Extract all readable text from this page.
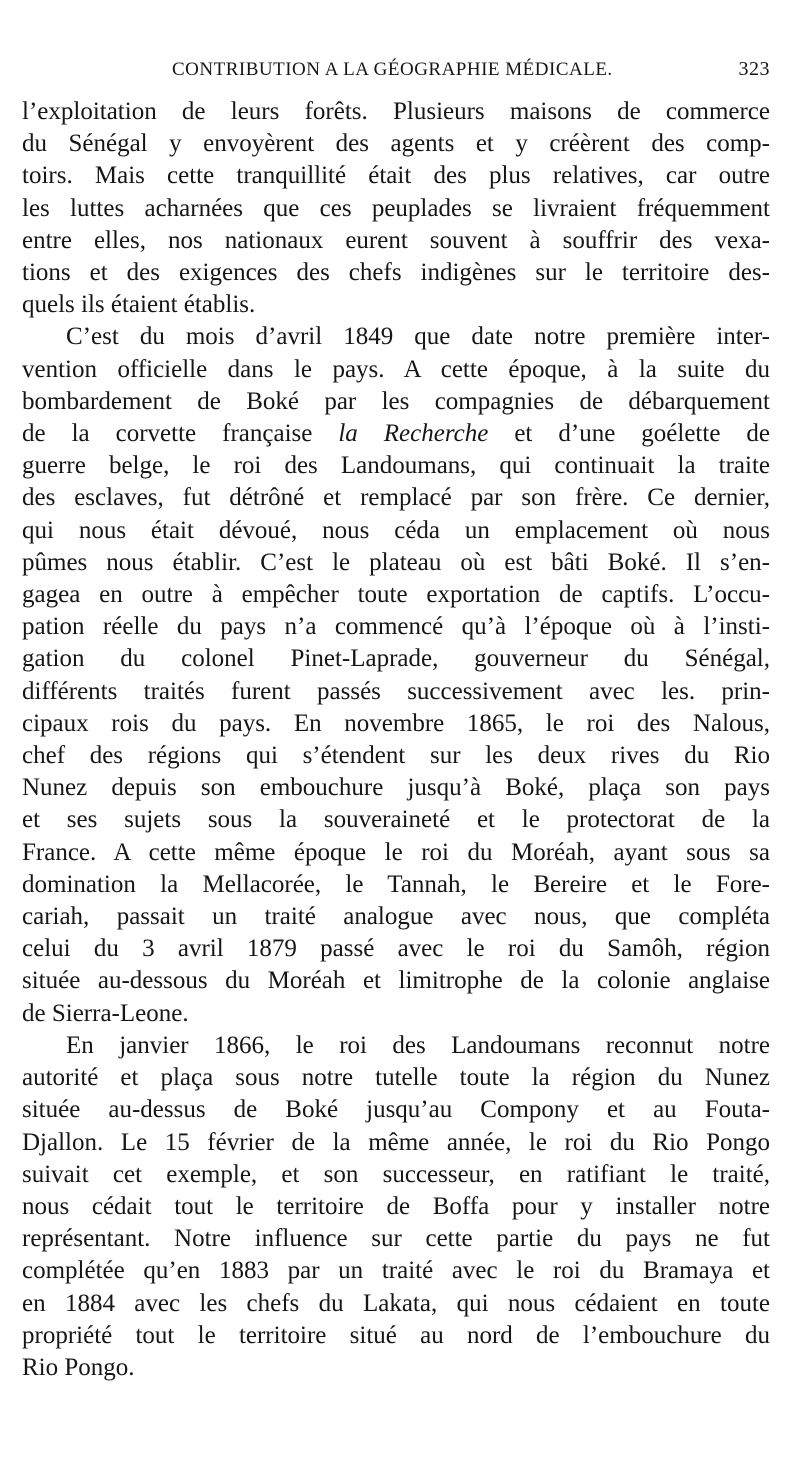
CONTRIBUTION A LA GÉOGRAPHIE MÉDICALE.	323

l’exploitation de leurs forêts. Plusieurs maisons de commerce
du Sénégal y envoyèrent des agents et y créèrent des comp-
toirs. Mais cette tranquillité était des plus relatives, car outre
les luttes acharnées que ces peuplades se livraient fréquemment
entre elles, nos nationaux eurent souvent à souffrir des vexa-
tions et des exigences des chefs indigènes sur le territoire des-
quels ils étaient établis.

C’est du mois d’avril 1849 que date notre première inter-
vention officielle dans le pays. A cette époque, à la suite du
bombardement de Boké par les compagnies de débarquement
de la corvette française la Recherche et d’une goélette de
guerre belge, le roi des Landoumans, qui continuait la traite
des esclaves, fut détrôné et remplacé par son frère. Ce dernier,
qui nous était dévoué, nous céda un emplacement où nous
pûmes nous établir. C’est le plateau où est bâti Boké. Il s’en-
gagea en outre à empêcher toute exportation de captifs. L’occu-
pation réelle du pays n’a commencé qu’à l’époque où à l’insti-
gation du colonel Pinet-Laprade, gouverneur du Sénégal,
différents traités furent passés successivement avec les. prin-
cipaux rois du pays. En novembre 1865, le roi des Nalous,
chef des régions qui s’étendent sur les deux rives du Rio
Nunez depuis son embouchure jusqu’à Boké, plaça son pays
et ses sujets sous la souveraineté et le protectorat de la
France. A cette même époque le roi du Moréah, ayant sous sa
domination la Mellacorée, le Tannah, le Bereire et le Fore-
cariah, passait un traité analogue avec nous, que compléta
celui du 3 avril 1879 passé avec le roi du Samôh, région
située au-dessous du Moréah et limitrophe de la colonie anglaise
de Sierra-Leone.

En janvier 1866, le roi des Landoumans reconnut notre
autorité et plaça sous notre tutelle toute la région du Nunez
située au-dessus de Boké jusqu’au Compony et au Fouta-
Djallon. Le 15 février de la même année, le roi du Rio Pongo
suivait cet exemple, et son successeur, en ratifiant le traité,
nous cédait tout le territoire de Boffa pour y installer notre
représentant. Notre influence sur cette partie du pays ne fut
complétée qu’en 1883 par un traité avec le roi du Bramaya et
en 1884 avec les chefs du Lakata, qui nous cédaient en toute
propriété tout le territoire situé au nord de l’embouchure du
Rio Pongo.
